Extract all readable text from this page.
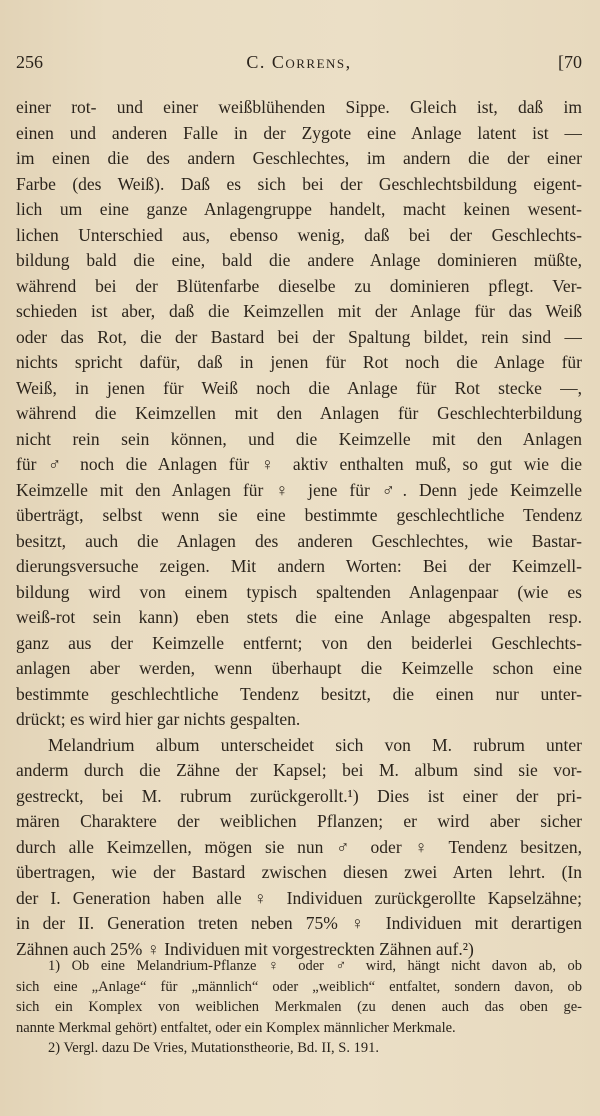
256	C. Correns,	[70
einer rot- und einer weißblühenden Sippe. Gleich ist, daß im
einen und anderen Falle in der Zygote eine Anlage latent ist —
im einen die des andern Geschlechtes, im andern die der einer
Farbe (des Weiß). Daß es sich bei der Geschlechtsbildung eigent-
lich um eine ganze Anlagengruppe handelt, macht keinen wesent-
lichen Unterschied aus, ebenso wenig, daß bei der Geschlechts-
bildung bald die eine, bald die andere Anlage dominieren müßte,
während bei der Blütenfarbe dieselbe zu dominieren pflegt. Ver-
schieden ist aber, daß die Keimzellen mit der Anlage für das Weiß
oder das Rot, die der Bastard bei der Spaltung bildet, rein sind —
nichts spricht dafür, daß in jenen für Rot noch die Anlage für
Weiß, in jenen für Weiß noch die Anlage für Rot stecke —,
während die Keimzellen mit den Anlagen für Geschlechterbildung
nicht rein sein können, und die Keimzelle mit den Anlagen
für ♂ noch die Anlagen für ♀ aktiv enthalten muß, so gut wie die
Keimzelle mit den Anlagen für ♀ jene für ♂. Denn jede Keimzelle
überträgt, selbst wenn sie eine bestimmte geschlechtliche Tendenz
besitzt, auch die Anlagen des anderen Geschlechtes, wie Bastar-
dierungsversuche zeigen. Mit andern Worten: Bei der Keimzell-
bildung wird von einem typisch spaltenden Anlagenpaar (wie es
weiß-rot sein kann) eben stets die eine Anlage abgespalten resp.
ganz aus der Keimzelle entfernt; von den beiderlei Geschlechts-
anlagen aber werden, wenn überhaupt die Keimzelle schon eine
bestimmte geschlechtliche Tendenz besitzt, die einen nur unter-
drückt; es wird hier gar nichts gespalten.
Melandrium album unterscheidet sich von M. rubrum unter
anderm durch die Zähne der Kapsel; bei M. album sind sie vor-
gestreckt, bei M. rubrum zurückgerollt.¹) Dies ist einer der pri-
mären Charaktere der weiblichen Pflanzen; er wird aber sicher
durch alle Keimzellen, mögen sie nun ♂ oder ♀ Tendenz besitzen,
übertragen, wie der Bastard zwischen diesen zwei Arten lehrt. (In
der I. Generation haben alle ♀ Individuen zurückgerollte Kapselzähne;
in der II. Generation treten neben 75% ♀ Individuen mit derartigen
Zähnen auch 25% ♀ Individuen mit vorgestreckten Zähnen auf.²)
1) Ob eine Melandrium-Pflanze ♀ oder ♂ wird, hängt nicht davon ab, ob
sich eine „Anlage“ für „männlich“ oder „weiblich“ entfaltet, sondern davon, ob
sich ein Komplex von weiblichen Merkmalen (zu denen auch das oben ge-
nannte Merkmal gehört) entfaltet, oder ein Komplex männlicher Merkmale.
2) Vergl. dazu De Vries, Mutationstheorie, Bd. II, S. 191.
